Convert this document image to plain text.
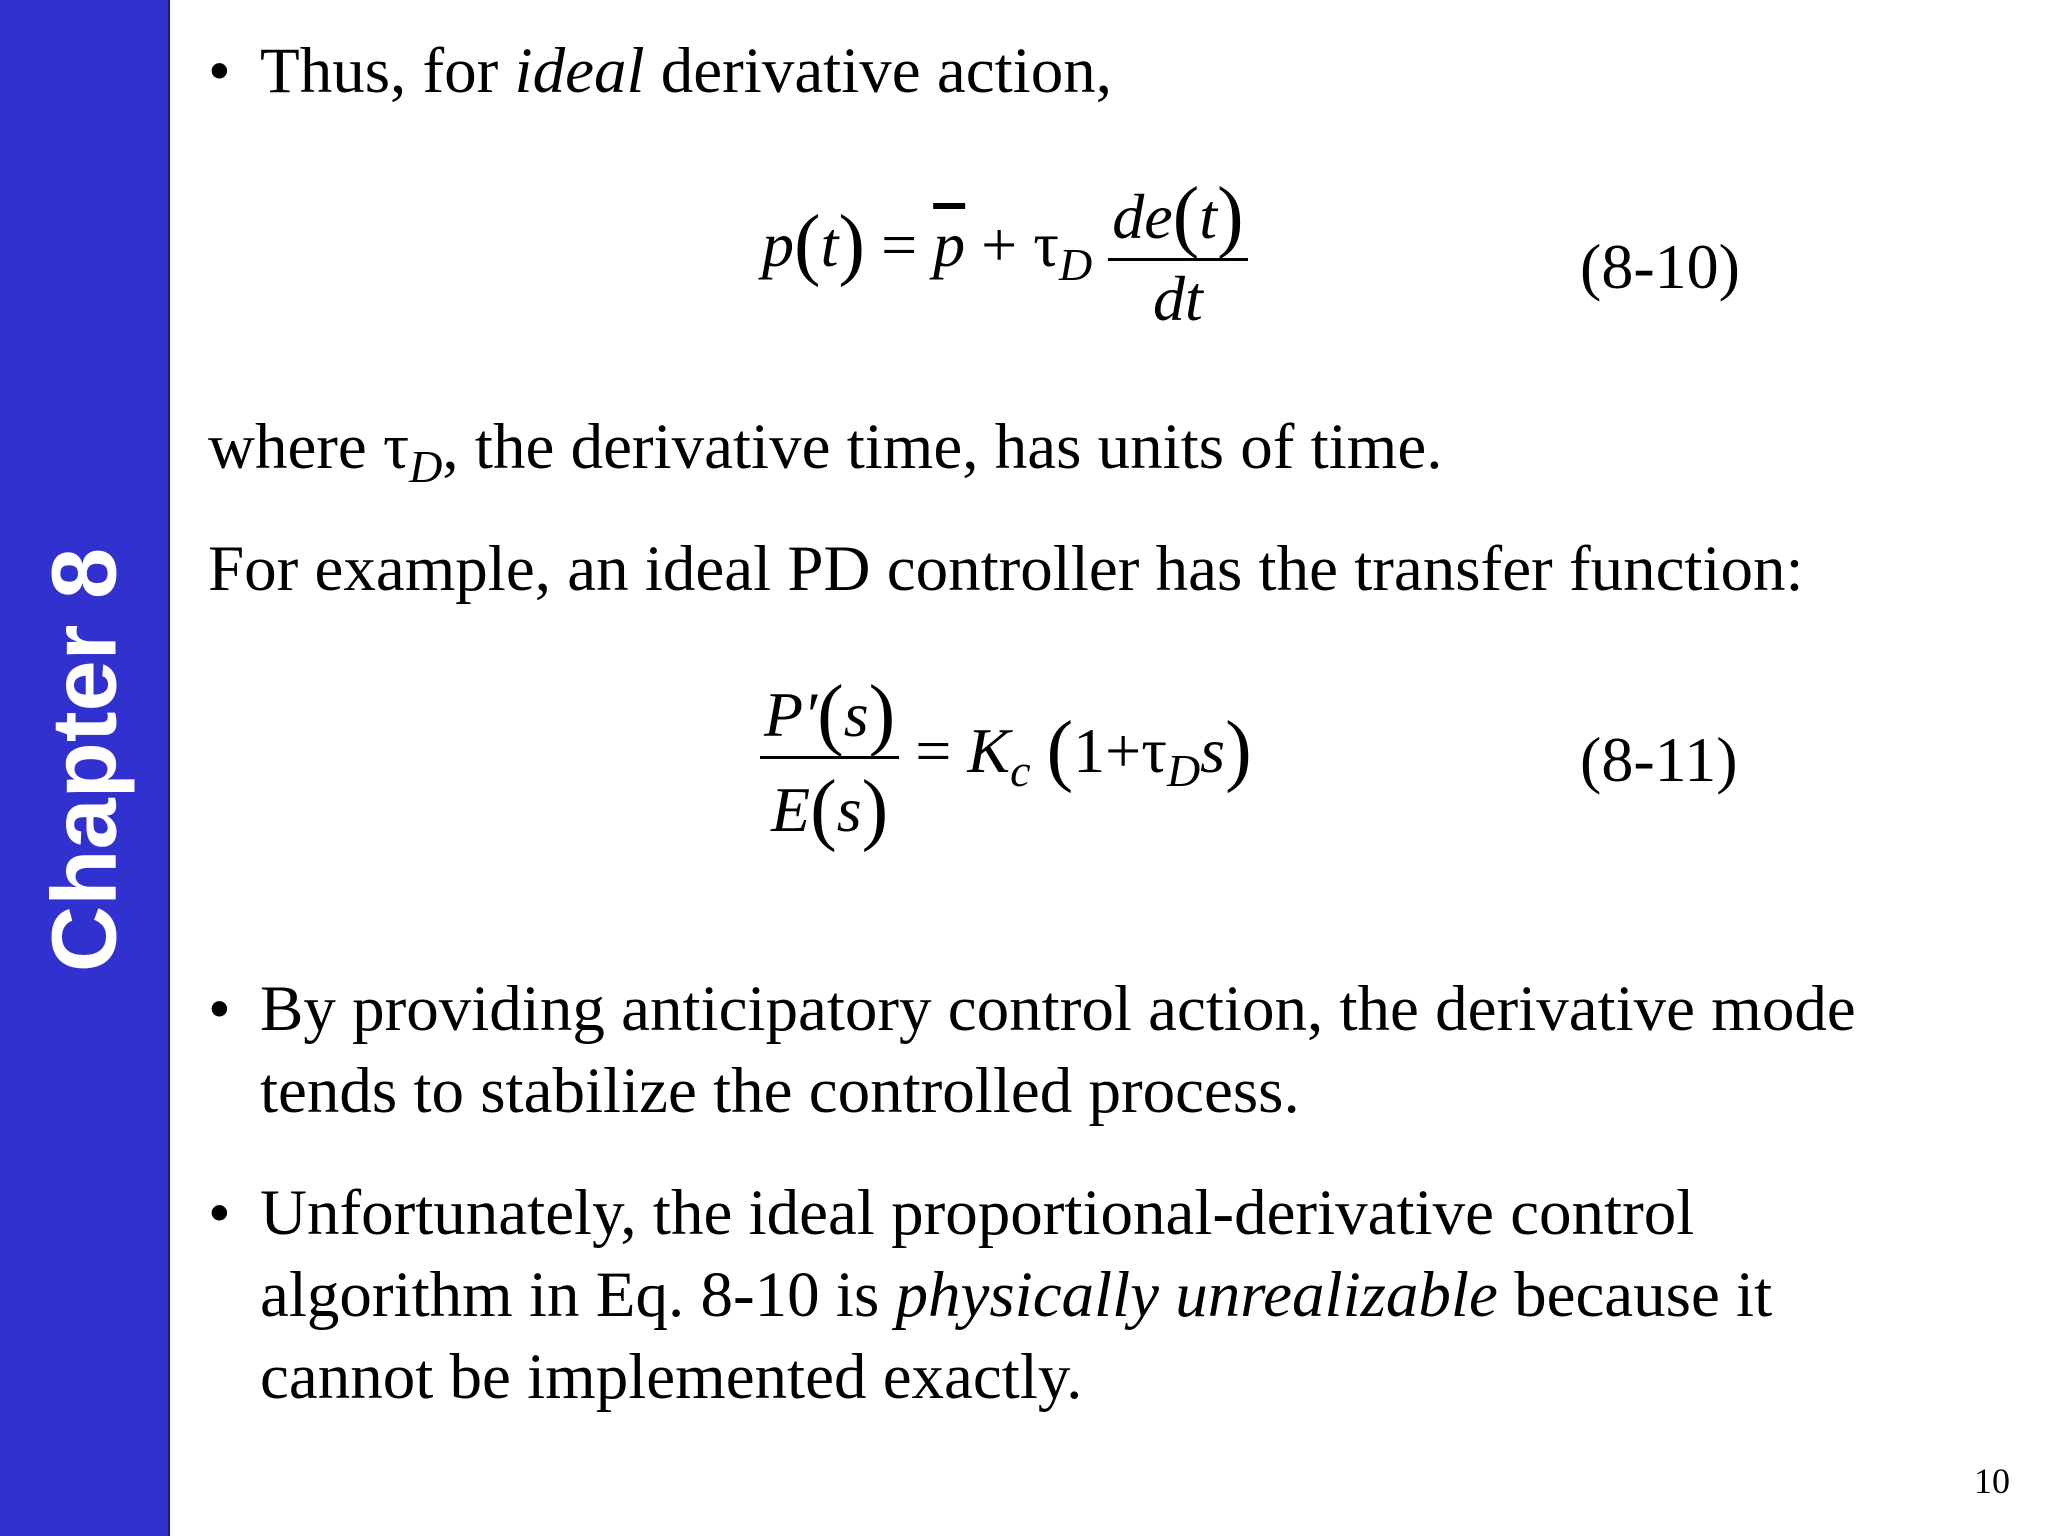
Chapter 8
• Thus, for ideal derivative action,
$p(t) = \overline{p} + \tau_D \frac{de(t)}{dt}$	(8-10)
where $\tau_D$, the derivative time, has units of time.
For example, an ideal PD controller has the transfer function:
$\frac{P'(s)}{E(s)} = K_c$ $(1+\tau_Ds)$	(8-11)
• By providing anticipatory control action, the derivative mode
tends to stabilize the controlled process.
• Unfortunately, the ideal proportional-derivative control
algorithm in Eq. 8-10 is physically unrealizable because it
cannot be implemented exactly.
10
